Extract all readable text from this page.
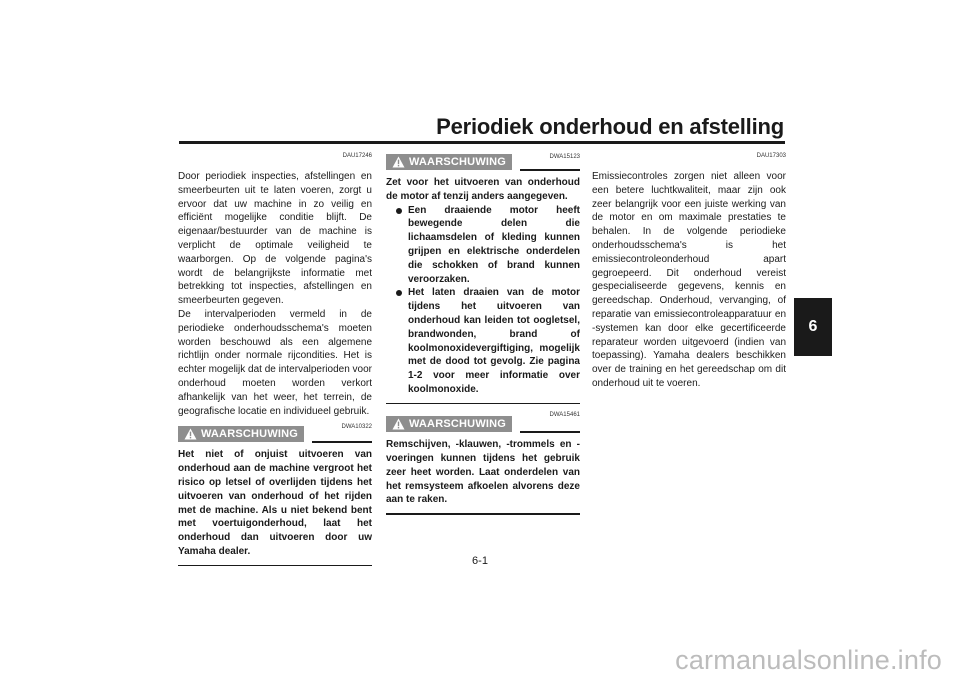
Periodiek onderhoud en afstelling
6
DAU17246

Door periodiek inspecties, afstellingen en smeerbeurten uit te laten voeren, zorgt u ervoor dat uw machine in zo veilig en efficiënt mogelijke conditie blijft. De eigenaar/bestuurder van de machine is verplicht de optimale veiligheid te waarborgen. Op de volgende pagina's wordt de belangrijkste informatie met betrekking tot inspecties, afstellingen en smeerbeurten gegeven.

De intervalperioden vermeld in de periodieke onderhoudsschema's moeten worden beschouwd als een algemene richtlijn onder normale rijcondities. Het is echter mogelijk dat de intervalperioden voor onderhoud moeten worden verkort afhankelijk van het weer, het terrein, de geografische locatie en individueel gebruik.

WAARSCHUWING
DWA10322
Het niet of onjuist uitvoeren van onderhoud aan de machine vergroot het risico op letsel of overlijden tijdens het uitvoeren van onderhoud of het rijden met de machine. Als u niet bekend bent met voertuigonderhoud, laat het onderhoud dan uitvoeren door uw Yamaha dealer.
WAARSCHUWING	DWA15123
Zet voor het uitvoeren van onderhoud de motor af tenzij anders aangegeven.
Een draaiende motor heeft bewegende delen die lichaamsdelen of kleding kunnen grijpen en elektrische onderdelen die schokken of brand kunnen veroorzaken.
Het laten draaien van de motor tijdens het uitvoeren van onderhoud kan leiden tot oogletsel, brandwonden, brand of koolmonoxidevergiftiging, mogelijk met de dood tot gevolg. Zie pagina 1-2 voor meer informatie over koolmonoxide.
WAARSCHUWING
DWA15461
Remschijven, -klauwen, -trommels en -voeringen kunnen tijdens het gebruik zeer heet worden. Laat onderdelen van het remsysteem afkoelen alvorens deze aan te raken.
DAU17303

Emissiecontroles zorgen niet alleen voor een betere luchtkwaliteit, maar zijn ook zeer belangrijk voor een juiste werking van de motor en om maximale prestaties te behalen. In de volgende periodieke onderhoudsschema's is het emissiecontroleonderhoud apart gegroepeerd. Dit onderhoud vereist gespecialiseerde gegevens, kennis en gereedschap. Onderhoud, vervanging, of reparatie van emissiecontroleapparatuur en -systemen kan door elke gecertificeerde reparateur worden uitgevoerd (indien van toepassing). Yamaha dealers beschikken over de training en het gereedschap om dit onderhoud uit te voeren.

6-1
carmanualsonline.info
